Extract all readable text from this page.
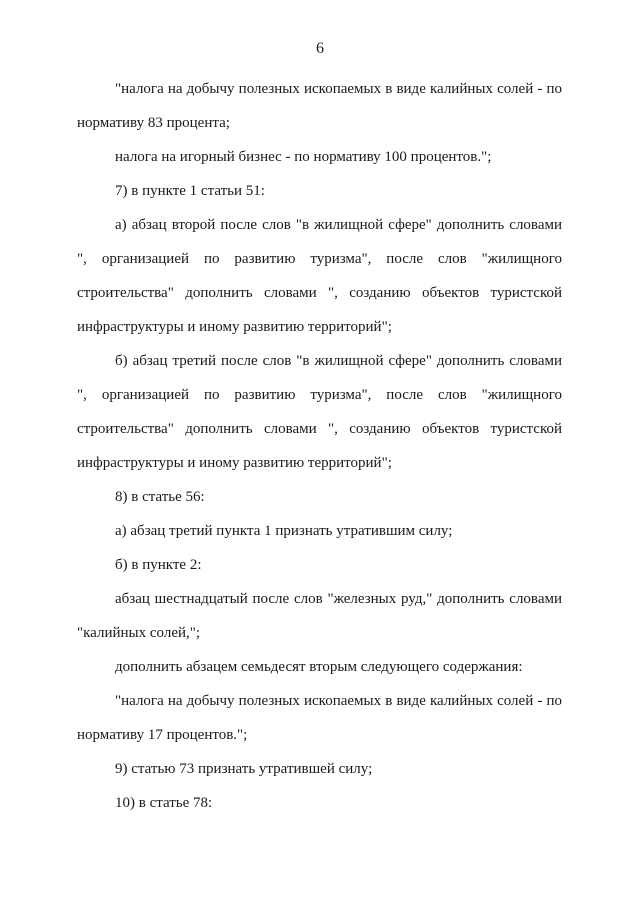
6

"налога на добычу полезных ископаемых в виде калийных солей - по нормативу 83 процента;

налога на игорный бизнес - по нормативу 100 процентов.";

7) в пункте 1 статьи 51:

а) абзац второй после слов "в жилищной сфере" дополнить словами ", организацией по развитию туризма", после слов "жилищного строительства" дополнить словами ", созданию объектов туристской инфраструктуры и иному развитию территорий";

б) абзац третий после слов "в жилищной сфере" дополнить словами ", организацией по развитию туризма", после слов "жилищного строительства" дополнить словами ", созданию объектов туристской инфраструктуры и иному развитию территорий";

8) в статье 56:

а) абзац третий пункта 1 признать утратившим силу;

б) в пункте 2:

абзац шестнадцатый после слов "железных руд," дополнить словами "калийных солей,";

дополнить абзацем семьдесят вторым следующего содержания:

"налога на добычу полезных ископаемых в виде калийных солей - по нормативу 17 процентов.";

9) статью 73 признать утратившей силу;

10) в статье 78:
